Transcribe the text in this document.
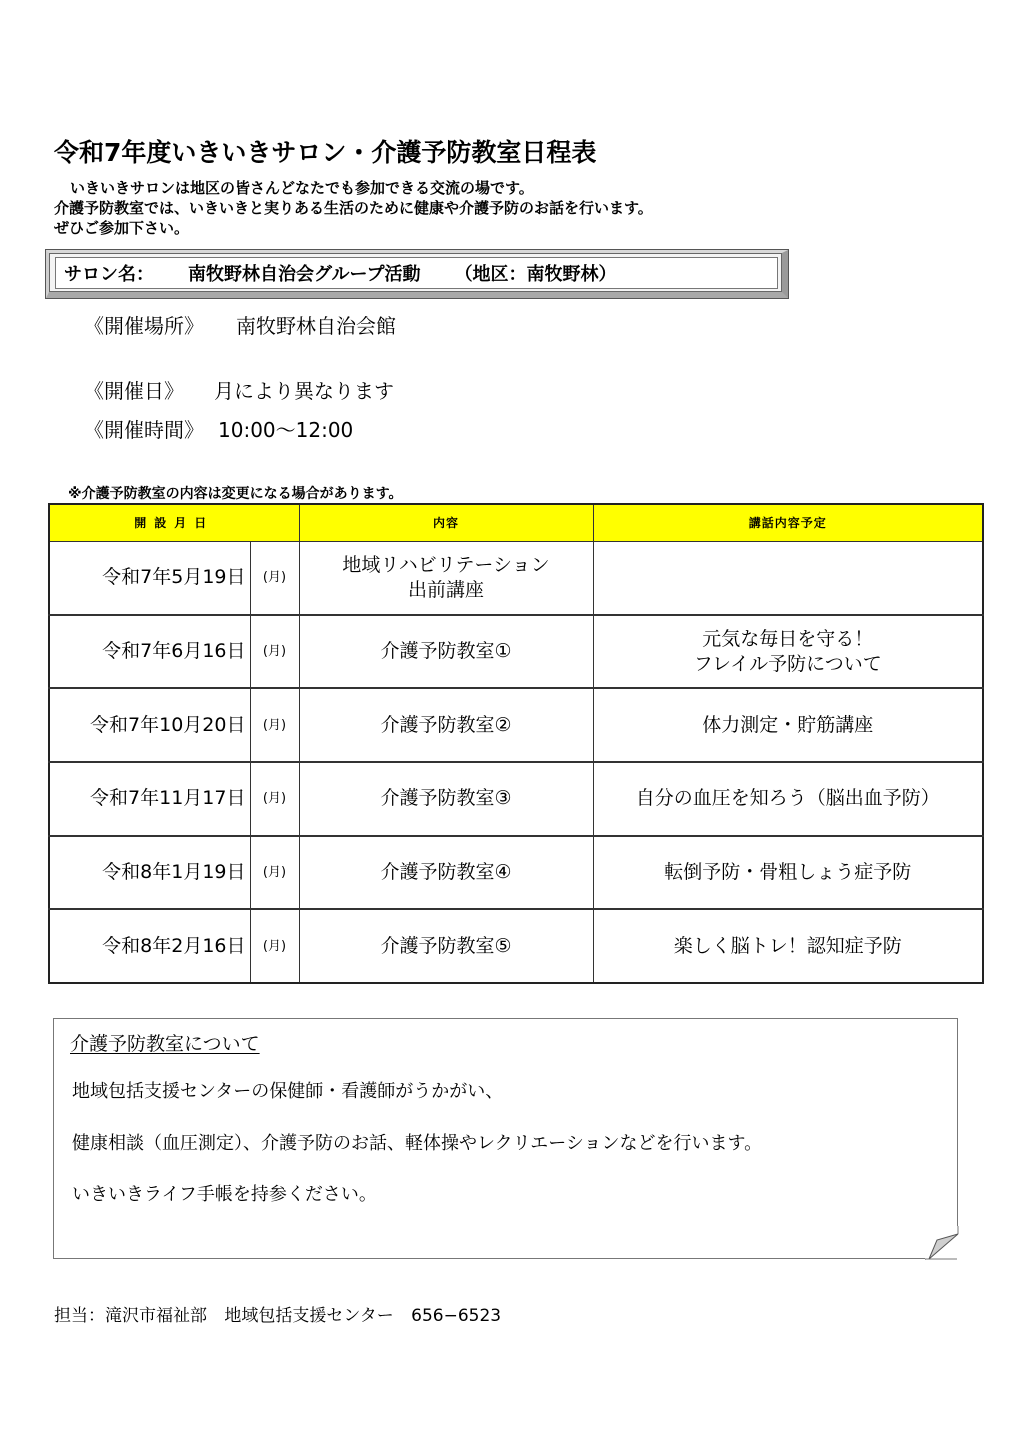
令和7年度いきいきサロン・介護予防教室日程表
いきいきサロンは地区の皆さんどなたでも参加できる交流の場です。
介護予防教室では、いきいきと実りある生活のために健康や介護予防のお話を行います。
ぜひご参加下さい。
サロン名： 南牧野林自治会グループ活動 （地区：南牧野林）
《開催場所》 南牧野林自治会館
《開催日》 月により異なります
《開催時間》 10:00〜12:00
※介護予防教室の内容は変更になる場合があります。
開設月日		内容	講話内容予定
令和7年5月19日	(月)	地域リハビリテーション
出前講座	

令和7年6月16日	(月)	介護予防教室①	元気な毎日を守る！
フレイル予防について

令和7年10月20日	(月)	介護予防教室②	体力測定・貯筋講座

令和7年11月17日	(月)	介護予防教室③	自分の血圧を知ろう（脳出血予防）

令和8年1月19日	(月)	介護予防教室④	転倒予防・骨粗しょう症予防

令和8年2月16日	(月)	介護予防教室⑤	楽しく脳トレ！認知症予防
介護予防教室について
地域包括支援センターの保健師・看護師がうかがい、
健康相談（血圧測定）、介護予防のお話、軽体操やレクリエーションなどを行います。
いきいきライフ手帳を持参ください。
担当：滝沢市福祉部 地域包括支援センター 656−6523
